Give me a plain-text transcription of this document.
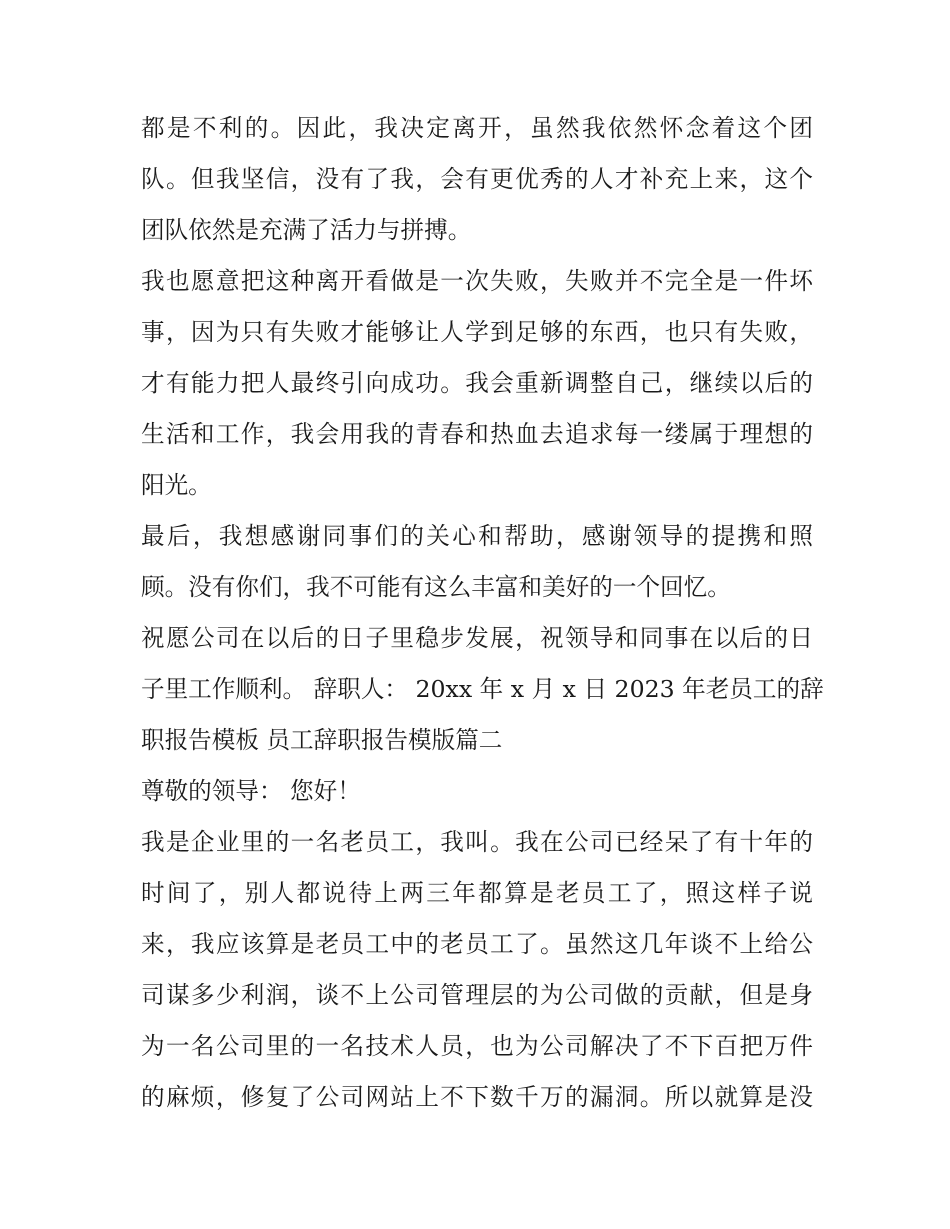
都是不利的。因此，我决定离开，虽然我依然怀念着这个团
队。但我坚信，没有了我，会有更优秀的人才补充上来，这个
团队依然是充满了活力与拼搏。
我也愿意把这种离开看做是一次失败，失败并不完全是一件坏
事，因为只有失败才能够让人学到足够的东西，也只有失败，
才有能力把人最终引向成功。我会重新调整自己，继续以后的
生活和工作，我会用我的青春和热血去追求每一缕属于理想的
阳光。
最后，我想感谢同事们的关心和帮助，感谢领导的提携和照
顾。没有你们，我不可能有这么丰富和美好的一个回忆。
祝愿公司在以后的日子里稳步发展，祝领导和同事在以后的日
子里工作顺利。 辞职人： 20xx 年 x 月 x 日 2023 年老员工的辞
职报告模板 员工辞职报告模版篇二
尊敬的领导： 您好！
我是企业里的一名老员工，我叫。我在公司已经呆了有十年的
时间了，别人都说待上两三年都算是老员工了，照这样子说
来，我应该算是老员工中的老员工了。虽然这几年谈不上给公
司谋多少利润，谈不上公司管理层的为公司做的贡献，但是身
为一名公司里的一名技术人员，也为公司解决了不下百把万件
的麻烦，修复了公司网站上不下数千万的漏洞。所以就算是没
